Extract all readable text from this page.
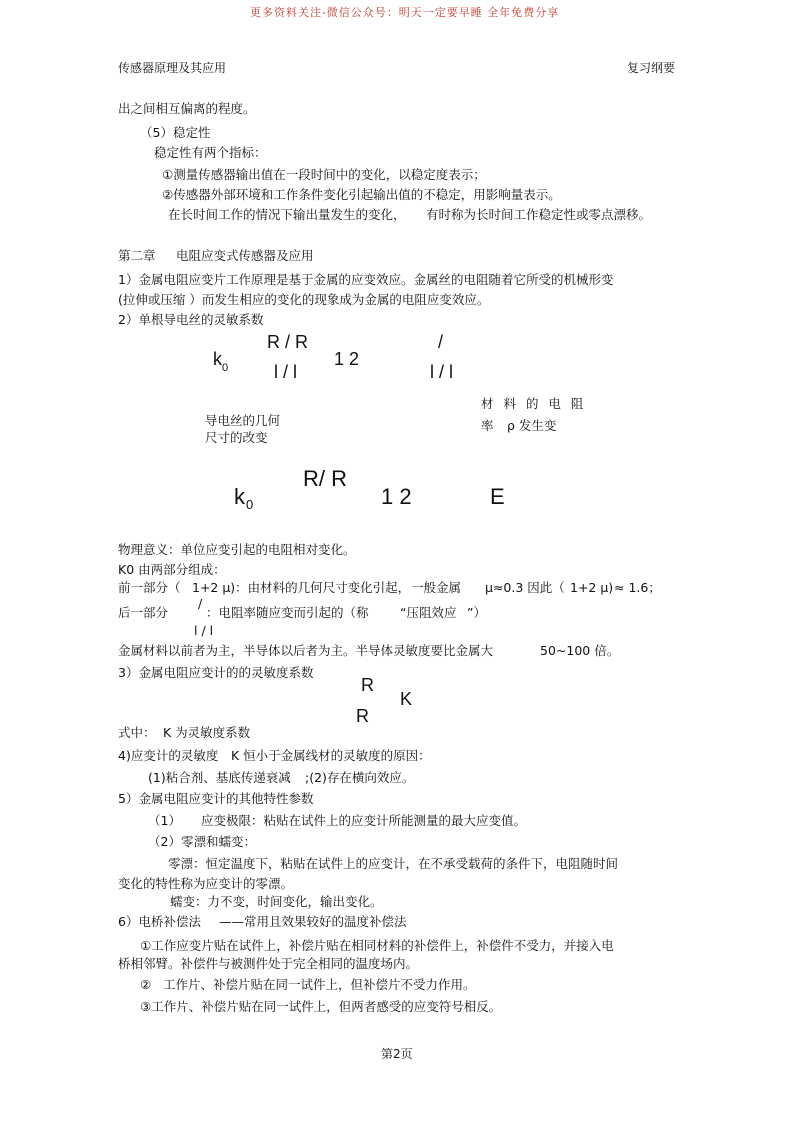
更多资料关注-微信公众号：明天一定要早睡 全年免费分享
传感器原理及其应用	复习纲要
出之间相互偏离的程度。
（5）稳定性
稳定性有两个指标：
①测量传感器输出值在一段时间中的变化，以稳定度表示；
②传感器外部环境和工作条件变化引起输出值的不稳定，用影响量表示。
在长时间工作的情况下输出量发生的变化， 有时称为长时间工作稳定性或零点漂移。
第二章 电阻应变式传感器及应用
1）金属电阻应变片工作原理是基于金属的应变效应。金属丝的电阻随着它所受的机械形变
(拉伸或压缩 ）而发生相应的变化的现象成为金属的电阻应变效应。
2）单根导电丝的灵敏系数
k 0
R / R
l / l
1 2
/
l / l
导电丝的几何
尺寸的改变
材 料 的 电 阻
率 ρ 发生变
k 0
R/ R
1 2	E
物理意义：单位应变引起的电阻相对变化。
K0 由两部分组成：
前一部分（ 1+2 μ)：由材料的几何尺寸变化引起， 一般金属 μ≈0.3 因此（ 1+2 μ) ≈ 1.6；
后一部分
/
：电阻率随应变而引起的（称	“压阻效应 ”）
l / l
金属材料以前者为主，半导体以后者为主。半导体灵敏度要比金属大	50~100 倍。
3）金属电阻应变计的的灵敏度系数
R
K
R
式中： K 为灵敏度系数
4)应变计的灵敏度 K 恒小于金属线材的灵敏度的原因：
(1)粘合剂、基底传递衰减 ;(2)存在横向效应。
5）金属电阻应变计的其他特性参数
（1） 应变极限：粘贴在试件上的应变计所能测量的最大应变值。
（2）零漂和蠕变：
零漂：恒定温度下，粘贴在试件上的应变计，在不承受载荷的条件下，电阻随时间
变化的特性称为应变计的零漂。
蠕变：力不变，时间变化，输出变化。
6）电桥补偿法 ——常用且效果较好的温度补偿法
①工作应变片贴在试件上，补偿片贴在相同材料的补偿件上，补偿件不受力，并接入电
桥相邻臂。补偿件与被测件处于完全相同的温度场内。
② 工作片、补偿片贴在同一试件上，但补偿片不受力作用。
③工作片、补偿片贴在同一试件上，但两者感受的应变符号相反。
第2页
